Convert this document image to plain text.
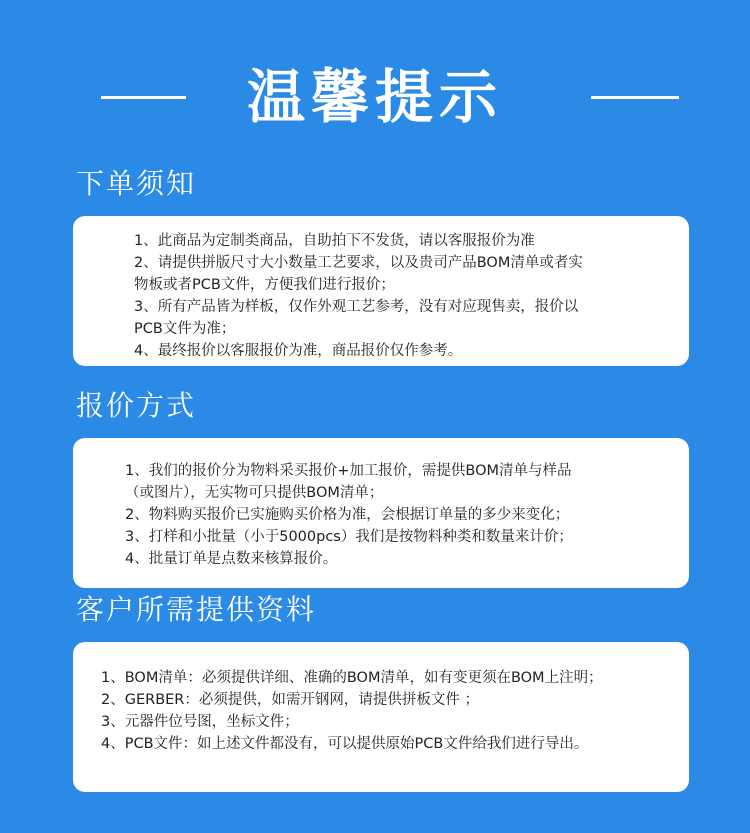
温馨提示
下单须知
1、此商品为定制类商品，自助拍下不发货，请以客服报价为准
2、请提供拼版尺寸大小数量工艺要求，以及贵司产品BOM清单或者实
物板或者PCB文件，方便我们进行报价；
3、所有产品皆为样板，仅作外观工艺参考，没有对应现售卖，报价以
PCB文件为准；
4、最终报价以客服报价为准，商品报价仅作参考。
报价方式
1、我们的报价分为物料采买报价+加工报价，需提供BOM清单与样品
（或图片），无实物可只提供BOM清单；
2、物料购买报价已实施购买价格为准，会根据订单量的多少来变化；
3、打样和小批量（小于5000pcs）我们是按物料种类和数量来计价；
4、批量订单是点数来核算报价。
客户所需提供资料
1、BOM清单：必须提供详细、准确的BOM清单，如有变更须在BOM上注明；
2、GERBER：必须提供，如需开钢网，请提供拼板文件 ；
3、元器件位号图，坐标文件；
4、PCB文件：如上述文件都没有，可以提供原始PCB文件给我们进行导出。
